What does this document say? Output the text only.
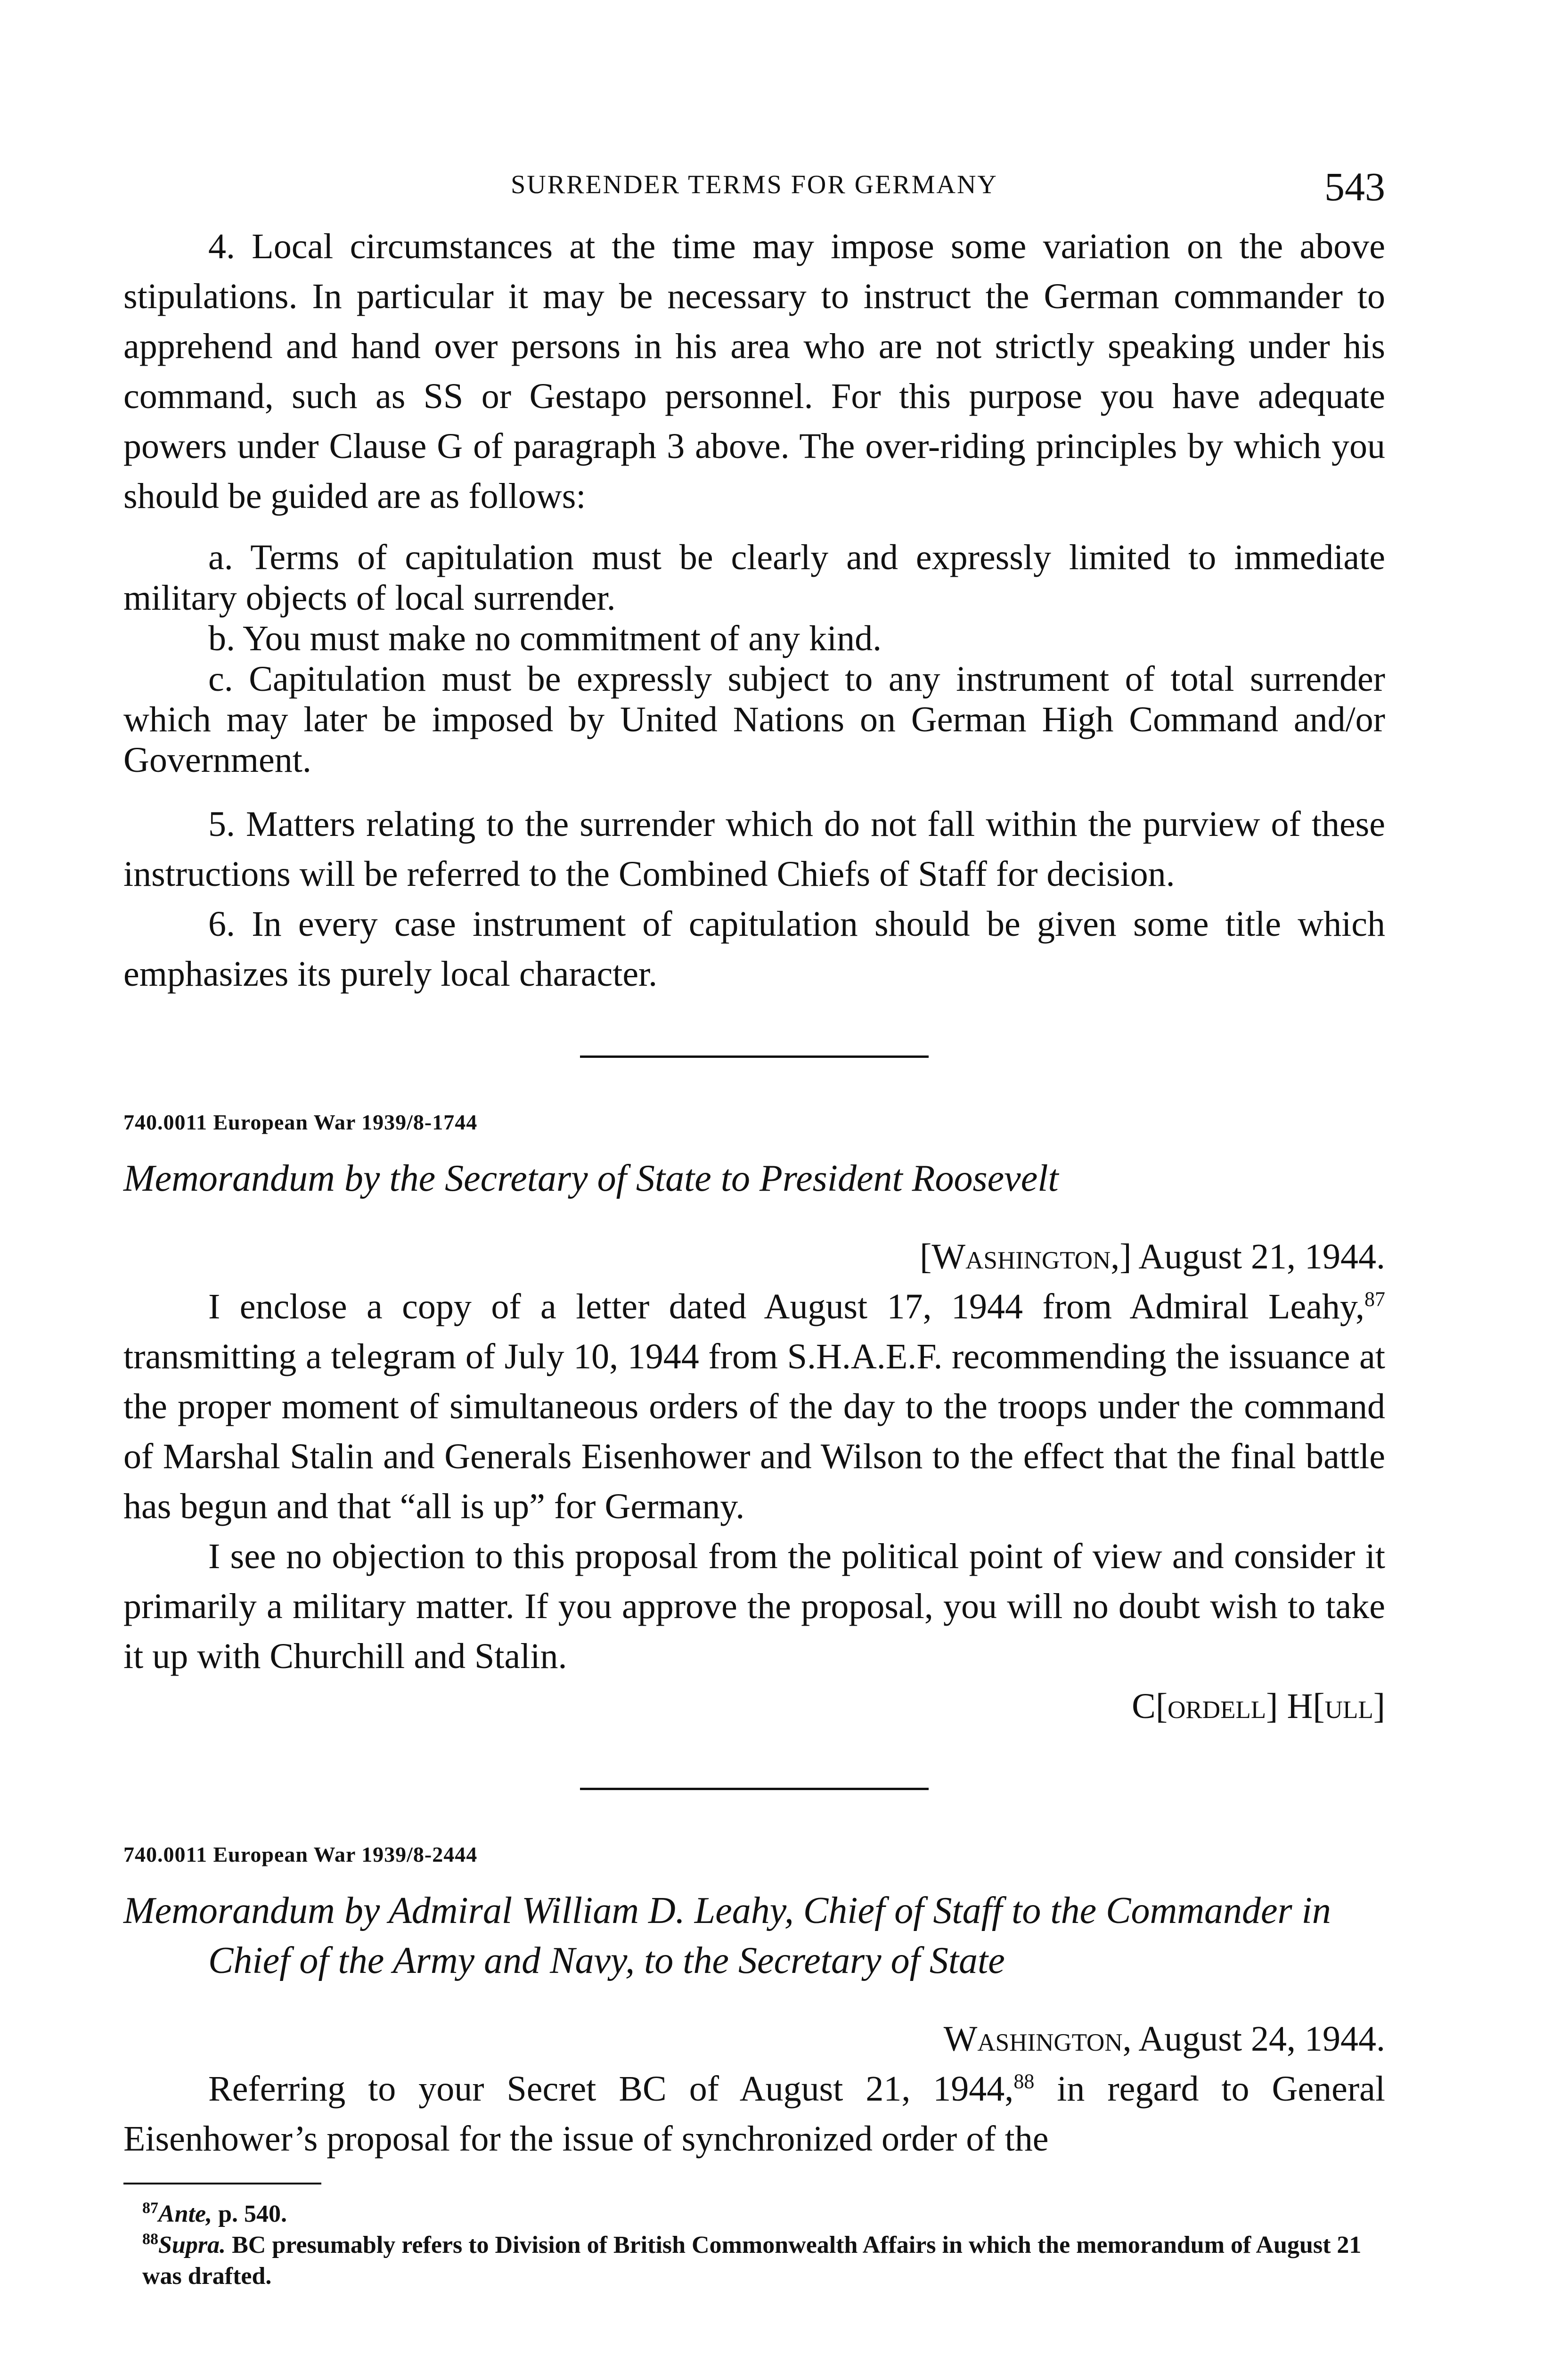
SURRENDER TERMS FOR GERMANY	543

4. Local circumstances at the time may impose some variation on the above stipulations. In particular it may be necessary to instruct the German commander to apprehend and hand over persons in his area who are not strictly speaking under his command, such as SS or Gestapo personnel. For this purpose you have adequate powers under Clause G of paragraph 3 above. The over-riding principles by which you should be guided are as follows:

a. Terms of capitulation must be clearly and expressly limited to immediate military objects of local surrender.

b. You must make no commitment of any kind.

c. Capitulation must be expressly subject to any instrument of total surrender which may later be imposed by United Nations on German High Command and/or Government.

5. Matters relating to the surrender which do not fall within the purview of these instructions will be referred to the Combined Chiefs of Staff for decision.

6. In every case instrument of capitulation should be given some title which emphasizes its purely local character.

740.0011 European War 1939/8-1744
Memorandum by the Secretary of State to President Roosevelt
[Washington,] August 21, 1944.

I enclose a copy of a letter dated August 17, 1944 from Admiral Leahy,$^{87}$ transmitting a telegram of July 10, 1944 from S.H.A.E.F. recommending the issuance at the proper moment of simultaneous orders of the day to the troops under the command of Marshal Stalin and Generals Eisenhower and Wilson to the effect that the final battle has begun and that “all is up” for Germany.

I see no objection to this proposal from the political point of view and consider it primarily a military matter. If you approve the proposal, you will no doubt wish to take it up with Churchill and Stalin.

C[ordell] H[ull]
740.0011 European War 1939/8-2444
Memorandum by Admiral William D. Leahy, Chief of Staff to the Commander in Chief of the Army and Navy, to the Secretary of State
Washington, August 24, 1944.

Referring to your Secret BC of August 21, 1944,88 in regard to General Eisenhower’s proposal for the issue of synchronized order of the

$^{87}$Ante, p. 540.
$^{88}$Supra. BC presumably refers to Division of British Commonwealth Affairs in which the memorandum of August 21 was drafted.
